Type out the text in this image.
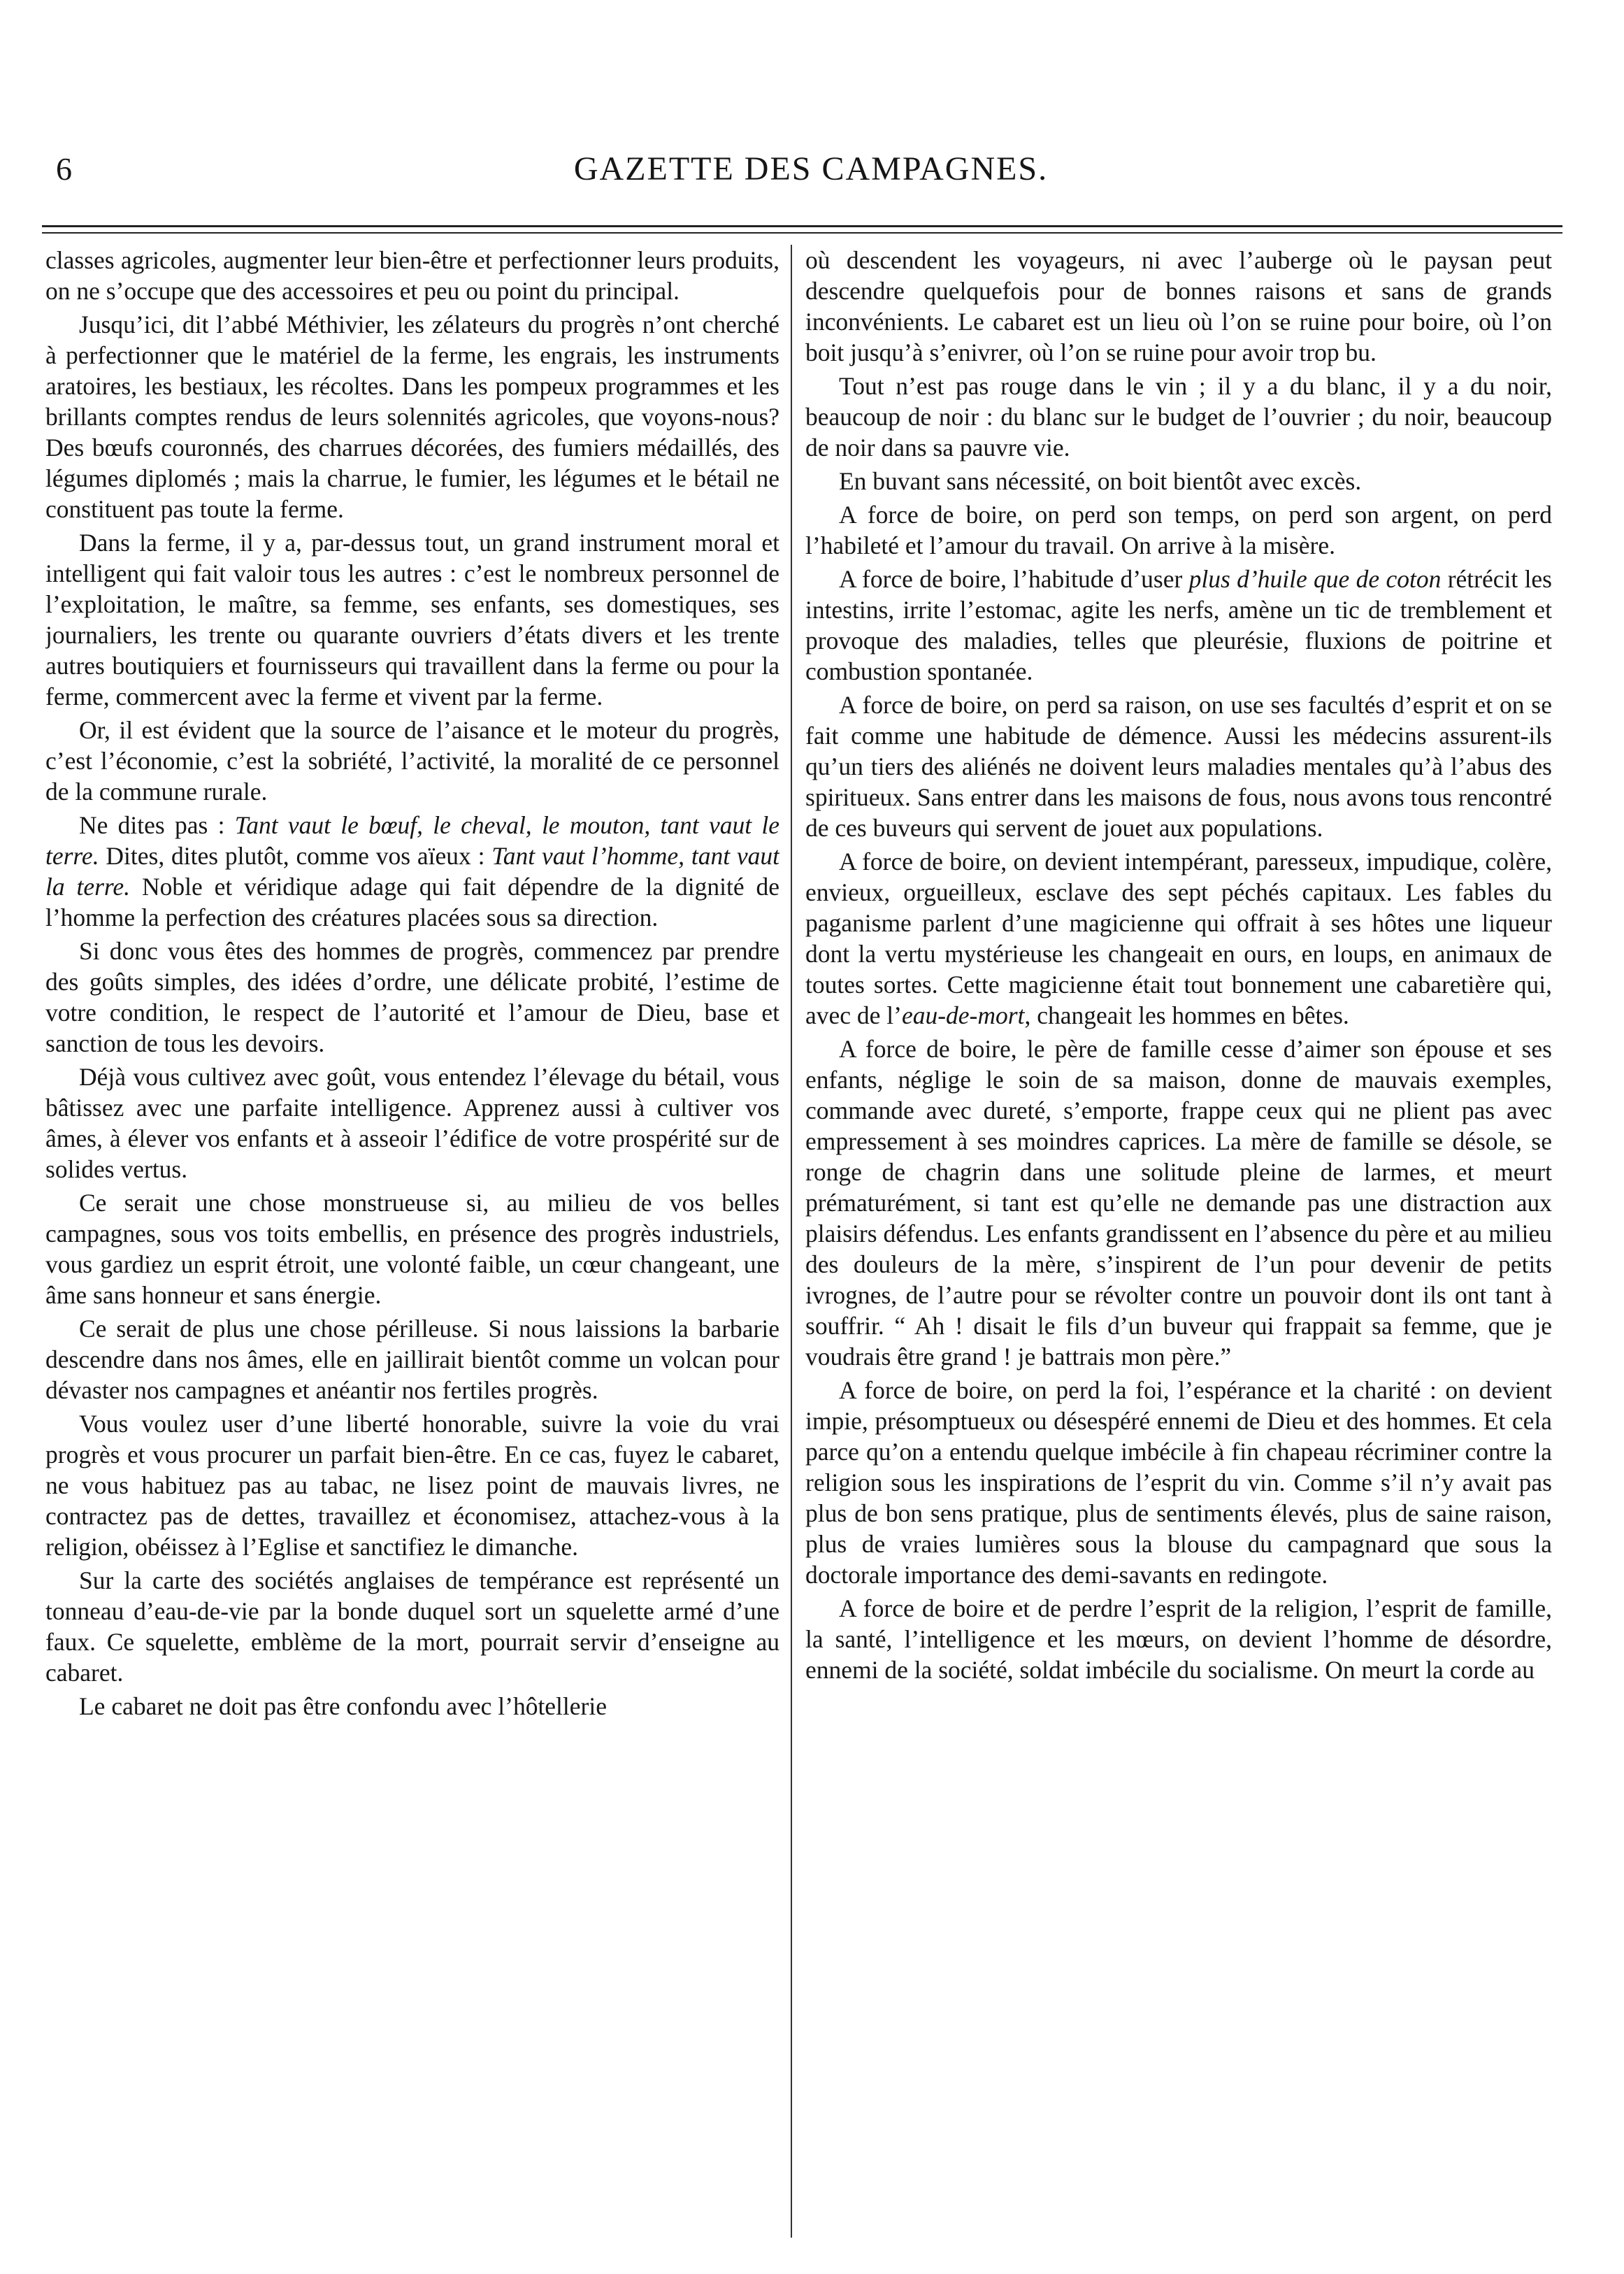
6	GAZETTE DES CAMPAGNES.

classes agricoles, augmenter leur bien-être et perfectionner leurs produits, on ne s’occupe que des accessoires et peu ou point du principal.

Jusqu’ici, dit l’abbé Méthivier, les zélateurs du progrès n’ont cherché à perfectionner que le matériel de la ferme, les engrais, les instruments aratoires, les bestiaux, les récoltes. Dans les pompeux programmes et les brillants comptes rendus de leurs solennités agricoles, que voyons-nous? Des bœufs couronnés, des charrues décorées, des fumiers médaillés, des légumes diplomés ; mais la charrue, le fumier, les légumes et le bétail ne constituent pas toute la ferme.

Dans la ferme, il y a, par-dessus tout, un grand instrument moral et intelligent qui fait valoir tous les autres : c’est le nombreux personnel de l’exploitation, le maître, sa femme, ses enfants, ses domestiques, ses journaliers, les trente ou quarante ouvriers d’états divers et les trente autres boutiquiers et fournisseurs qui travaillent dans la ferme ou pour la ferme, commercent avec la ferme et vivent par la ferme.

Or, il est évident que la source de l’aisance et le moteur du progrès, c’est l’économie, c’est la sobriété, l’activité, la moralité de ce personnel de la commune rurale.

Ne dites pas : Tant vaut le bœuf, le cheval, le mouton, tant vaut le terre. Dites, dites plutôt, comme vos aïeux : Tant vaut l’homme, tant vaut la terre. Noble et véridique adage qui fait dépendre de la dignité de l’homme la perfection des créatures placées sous sa direction.

Si donc vous êtes des hommes de progrès, commencez par prendre des goûts simples, des idées d’ordre, une délicate probité, l’estime de votre condition, le respect de l’autorité et l’amour de Dieu, base et sanction de tous les devoirs.

Déjà vous cultivez avec goût, vous entendez l’élevage du bétail, vous bâtissez avec une parfaite intelligence. Apprenez aussi à cultiver vos âmes, à élever vos enfants et à asseoir l’édifice de votre prospérité sur de solides vertus.

Ce serait une chose monstrueuse si, au milieu de vos belles campagnes, sous vos toits embellis, en présence des progrès industriels, vous gardiez un esprit étroit, une volonté faible, un cœur changeant, une âme sans honneur et sans énergie.

Ce serait de plus une chose périlleuse. Si nous laissions la barbarie descendre dans nos âmes, elle en jaillirait bientôt comme un volcan pour dévaster nos campagnes et anéantir nos fertiles progrès.

Vous voulez user d’une liberté honorable, suivre la voie du vrai progrès et vous procurer un parfait bien-être. En ce cas, fuyez le cabaret, ne vous habituez pas au tabac, ne lisez point de mauvais livres, ne contractez pas de dettes, travaillez et économisez, attachez-vous à la religion, obéissez à l’Eglise et sanctifiez le dimanche.

Sur la carte des sociétés anglaises de tempérance est représenté un tonneau d’eau-de-vie par la bonde duquel sort un squelette armé d’une faux. Ce squelette, emblème de la mort, pourrait servir d’enseigne au cabaret.

Le cabaret ne doit pas être confondu avec l’hôtellerie

où descendent les voyageurs, ni avec l’auberge où le paysan peut descendre quelquefois pour de bonnes raisons et sans de grands inconvénients. Le cabaret est un lieu où l’on se ruine pour boire, où l’on boit jusqu’à s’enivrer, où l’on se ruine pour avoir trop bu.

Tout n’est pas rouge dans le vin ; il y a du blanc, il y a du noir, beaucoup de noir : du blanc sur le budget de l’ouvrier ; du noir, beaucoup de noir dans sa pauvre vie.

En buvant sans nécessité, on boit bientôt avec excès.

A force de boire, on perd son temps, on perd son argent, on perd l’habileté et l’amour du travail. On arrive à la misère.

A force de boire, l’habitude d’user plus d’huile que de coton rétrécit les intestins, irrite l’estomac, agite les nerfs, amène un tic de tremblement et provoque des maladies, telles que pleurésie, fluxions de poitrine et combustion spontanée.

A force de boire, on perd sa raison, on use ses facultés d’esprit et on se fait comme une habitude de démence. Aussi les médecins assurent-ils qu’un tiers des aliénés ne doivent leurs maladies mentales qu’à l’abus des spiritueux. Sans entrer dans les maisons de fous, nous avons tous rencontré de ces buveurs qui servent de jouet aux populations.

A force de boire, on devient intempérant, paresseux, impudique, colère, envieux, orgueilleux, esclave des sept péchés capitaux. Les fables du paganisme parlent d’une magicienne qui offrait à ses hôtes une liqueur dont la vertu mystérieuse les changeait en ours, en loups, en animaux de toutes sortes. Cette magicienne était tout bonnement une cabaretière qui, avec de l’eau-de-mort, changeait les hommes en bêtes.

A force de boire, le père de famille cesse d’aimer son épouse et ses enfants, néglige le soin de sa maison, donne de mauvais exemples, commande avec dureté, s’emporte, frappe ceux qui ne plient pas avec empressement à ses moindres caprices. La mère de famille se désole, se ronge de chagrin dans une solitude pleine de larmes, et meurt prématurément, si tant est qu’elle ne demande pas une distraction aux plaisirs défendus. Les enfants grandissent en l’absence du père et au milieu des douleurs de la mère, s’inspirent de l’un pour devenir de petits ivrognes, de l’autre pour se révolter contre un pouvoir dont ils ont tant à souffrir. “ Ah ! disait le fils d’un buveur qui frappait sa femme, que je voudrais être grand ! je battrais mon père.”

A force de boire, on perd la foi, l’espérance et la charité : on devient impie, présomptueux ou désespéré ennemi de Dieu et des hommes. Et cela parce qu’on a entendu quelque imbécile à fin chapeau récriminer contre la religion sous les inspirations de l’esprit du vin. Comme s’il n’y avait pas plus de bon sens pratique, plus de sentiments élevés, plus de saine raison, plus de vraies lumières sous la blouse du campagnard que sous la doctorale importance des demi-savants en redingote.

A force de boire et de perdre l’esprit de la religion, l’esprit de famille, la santé, l’intelligence et les mœurs, on devient l’homme de désordre, ennemi de la société, soldat imbécile du socialisme. On meurt la corde au
